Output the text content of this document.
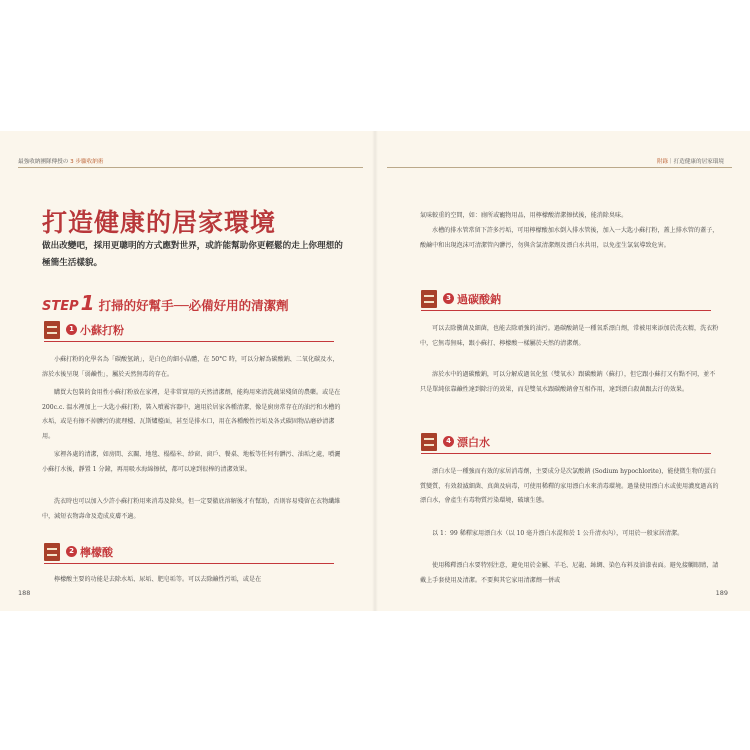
最強收納團隊傳授の 3 步驟收納術
打造健康的居家環境
做出改變吧，採用更聰明的方式應對世界，或許能幫助你更輕鬆的走上你理想的極簡生活樣貌。
STEP 1 打掃的好幫手──必備好用的清潔劑
1 小蘇打粉

小蘇打粉的化學名為「碳酸氫鈉」，是白色的細小晶體，在 50°C 時，可以分解為碳酸鈉、二氧化碳及水，溶於水後呈現「弱鹼性」，屬於天然無毒的存在。

購買大包裝的食用性小蘇打粉放在家裡，是非常實用的天然清潔劑，能夠用來清洗蔬果殘留的農藥。或是在 200c.c. 溫水裡加上一大匙小蘇打粉，裝入噴霧容器中，適用於居家各種清潔，像是廚房常存在的油污和水槽的水垢，或是有擦不掉髒污的流理檯、瓦斯爐檯面，甚至是排水口，用在各種酸性污垢及各式碳固物品磨砂清潔用。

家裡各處的清潔，如房間、玄關、地毯、榻榻米、紗窗、窗戶、餐桌、地板等任何有髒污、油垢之處，噴灑小蘇打水後，靜置 1 分鐘，再用吸水海綿擦拭，都可以達到很棒的清潔效果。

洗衣時也可以加入少許小蘇打粉用來消毒及除臭，但一定要徹底溶解後才有幫助，否則容易殘留在衣物纖維中，減短衣物壽命及造成皮膚不適。

2 檸檬酸

檸檬酸主要的功能是去除水垢、尿垢、肥皂垢等。可以去除鹼性污垢，或是在

188
附錄｜打造健康的居家環境

氣味較重的空間，如：廁所或寵物用品，用檸檬酸清潔擦拭後，能消除臭味。

水槽的排水管常留下許多污垢，可用檸檬酸加水倒入排水管後，加入一大匙小蘇打粉，蓋上排水管的蓋子，酸鹼中和出現泡沫可清潔管內髒污，勿與含氯清潔劑及漂白水共用，以免產生氯氣導致危害。

3 過碳酸鈉

可以去除黴菌及細菌，也能去除頑強的油污。過碳酸鈉是一種氧系漂白劑，常被用來添加於洗衣精，洗衣粉中，它無毒無味，跟小蘇打、檸檬酸一樣屬於天然的清潔劑。

溶於水中的過碳酸鈉，可以分解成過氧化氫（雙氧水）跟碳酸鈉（蘇打），但它跟小蘇打又有點不同，並不只是單純依靠鹼性達到除汙的效果，而是雙氧水跟碳酸鈉會互相作用，達到漂白殺菌跟去汙的效果。

4 漂白水

漂白水是一種強而有效的家居消毒劑，主要成分是次氯酸鈉 (Sodium hypochlorite)，能使微生物的蛋白質變質，有效殺滅細菌、真菌及病毒，可使用稀釋的家用漂白水來消毒環境。過量使用漂白水或使用濃度過高的漂白水，會產生有毒物質污染環境，破壞生態。

以 1：99 稀釋家用漂白水（以 10 毫升漂白水混和於 1 公升清水內），可用於一般家居清潔。

使用稀釋漂白水要特別注意，避免用於金屬、羊毛、尼龍、絲綢、染色布料及油漆表面。避免接觸眼睛，請戴上手套使用及清潔。不要與其它家用清潔劑一併或

189
